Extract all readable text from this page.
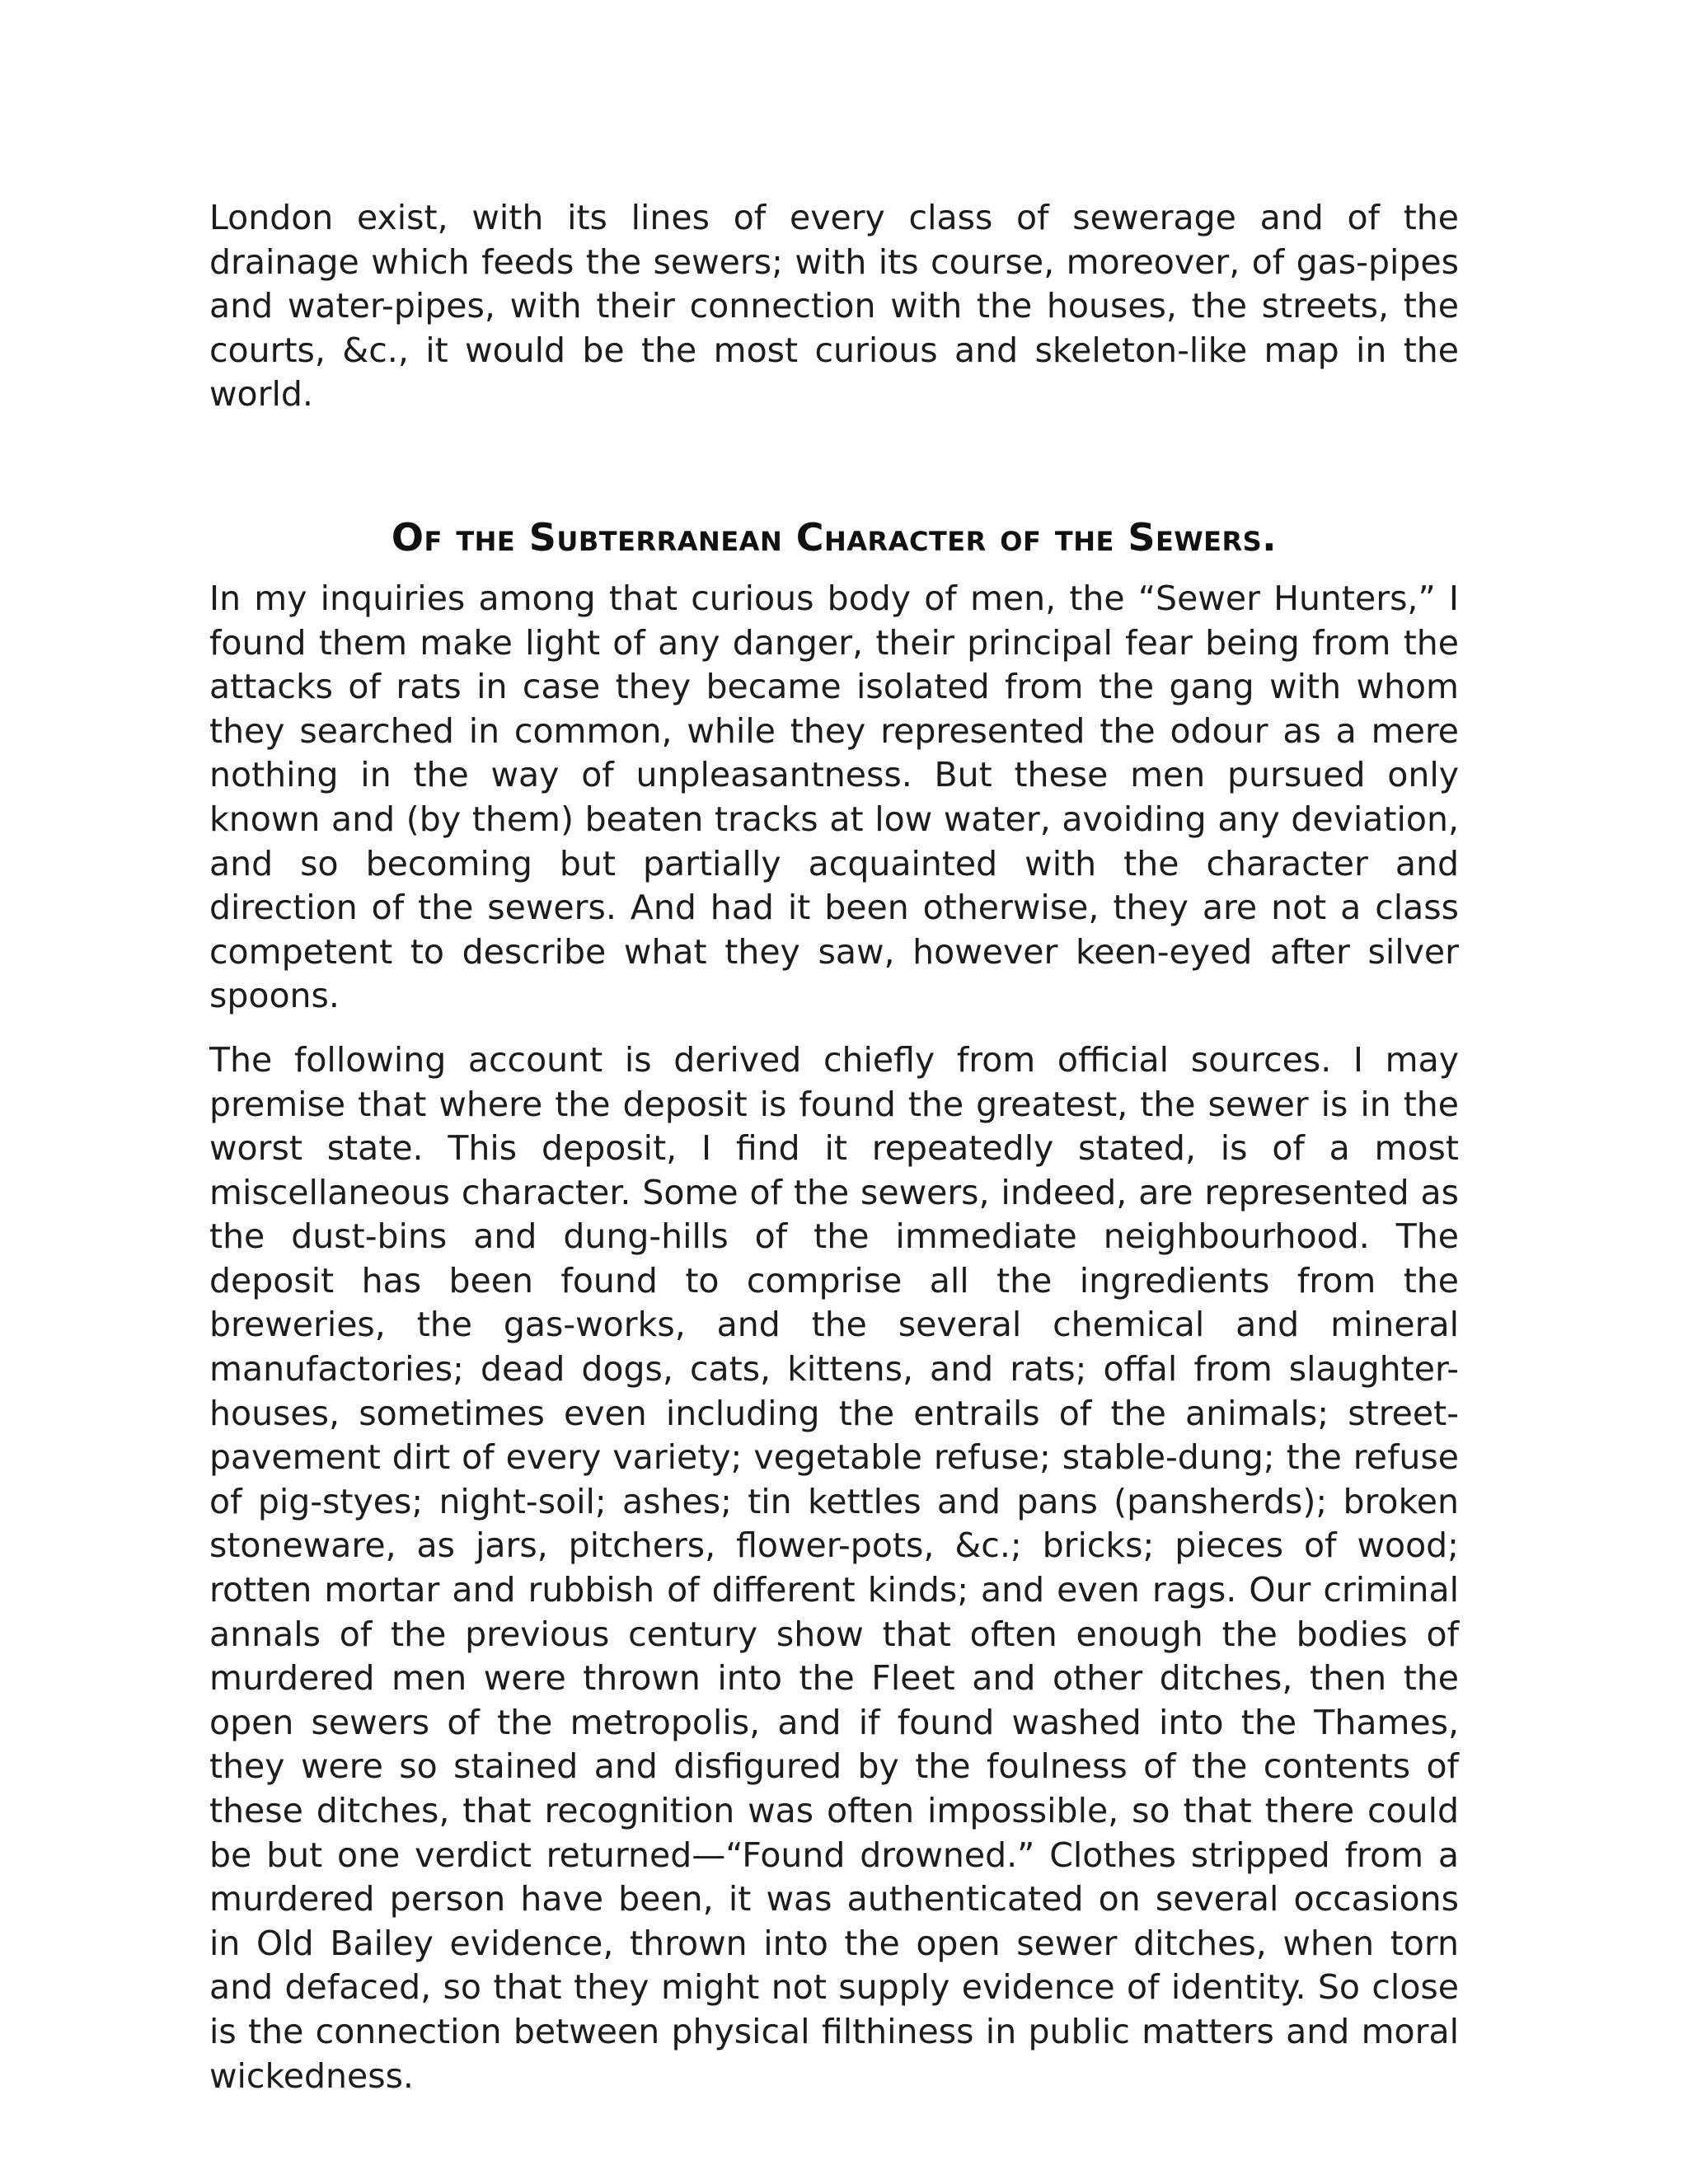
London exist, with its lines of every class of sewerage and of the drainage which feeds the sewers; with its course, moreover, of gas-pipes and water-pipes, with their connection with the houses, the streets, the courts, &c., it would be the most curious and skeleton-like map in the world.

Of the Subterranean Character of the Sewers.

In my inquiries among that curious body of men, the “Sewer Hunters,” I found them make light of any danger, their principal fear being from the attacks of rats in case they became isolated from the gang with whom they searched in common, while they represented the odour as a mere nothing in the way of unpleasantness. But these men pursued only known and (by them) beaten tracks at low water, avoiding any deviation, and so becoming but partially acquainted with the character and direction of the sewers. And had it been otherwise, they are not a class competent to describe what they saw, however keen-eyed after silver spoons.

The following account is derived chiefly from official sources. I may premise that where the deposit is found the greatest, the sewer is in the worst state. This deposit, I find it repeatedly stated, is of a most miscellaneous character. Some of the sewers, indeed, are represented as the dust-bins and dung-hills of the immediate neighbourhood. The deposit has been found to comprise all the ingredients from the breweries, the gas-works, and the several chemical and mineral manufactories; dead dogs, cats, kittens, and rats; offal from slaughter-houses, sometimes even including the entrails of the animals; street-pavement dirt of every variety; vegetable refuse; stable-dung; the refuse of pig-styes; night-soil; ashes; tin kettles and pans (pansherds); broken stoneware, as jars, pitchers, flower-pots, &c.; bricks; pieces of wood; rotten mortar and rubbish of different kinds; and even rags. Our criminal annals of the previous century show that often enough the bodies of murdered men were thrown into the Fleet and other ditches, then the open sewers of the metropolis, and if found washed into the Thames, they were so stained and disfigured by the foulness of the contents of these ditches, that recognition was often impossible, so that there could be but one verdict returned—“Found drowned.” Clothes stripped from a murdered person have been, it was authenticated on several occasions in Old Bailey evidence, thrown into the open sewer ditches, when torn and defaced, so that they might not supply evidence of identity. So close is the connection between physical filthiness in public matters and moral wickedness.
